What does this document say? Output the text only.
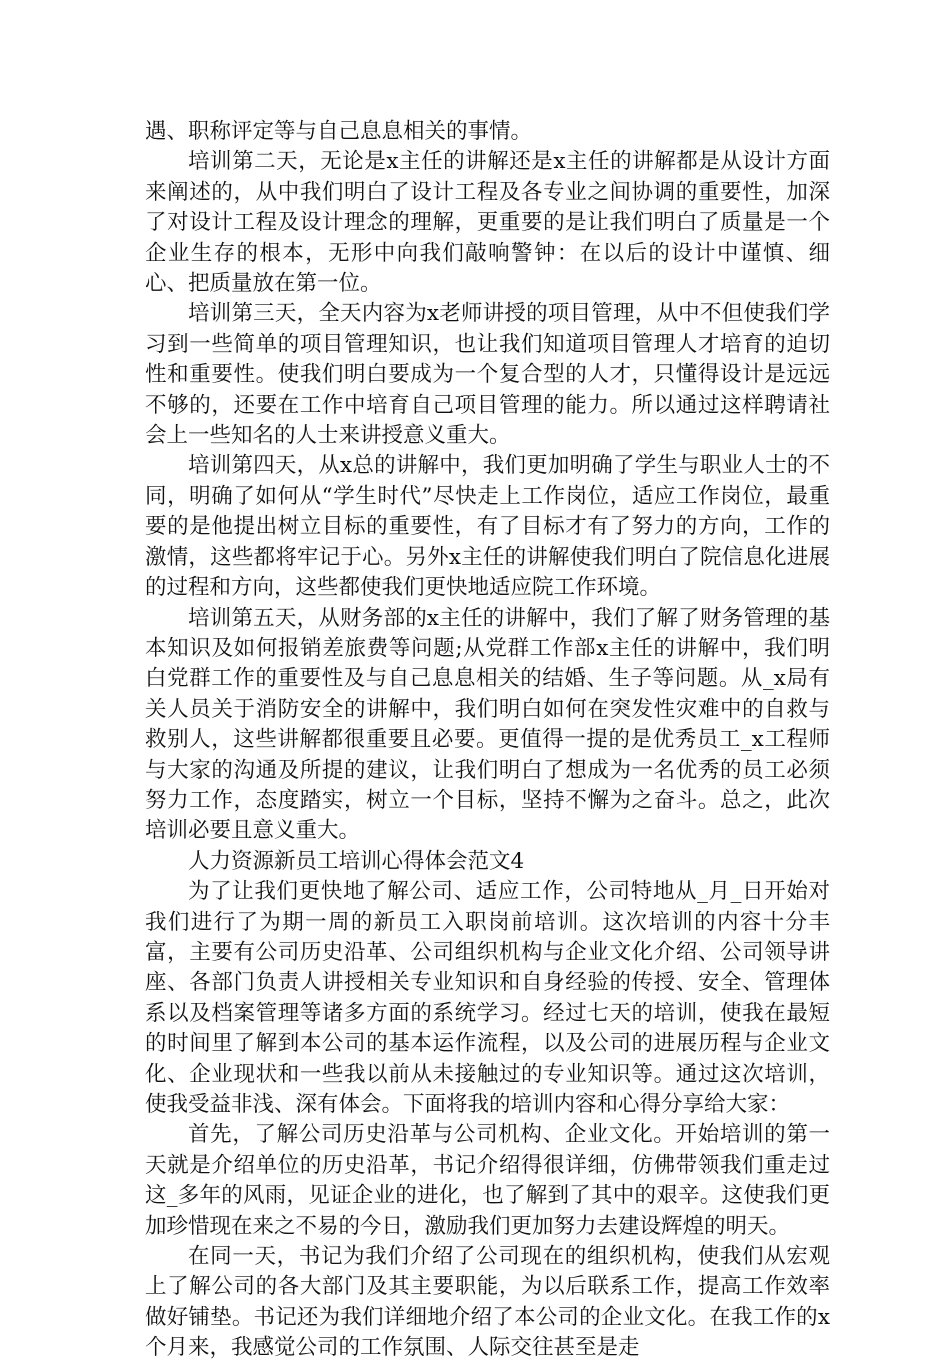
遇、职称评定等与自己息息相关的事情。

培训第二天，无论是x主任的讲解还是x主任的讲解都是从设计方面来阐述的，从中我们明白了设计工程及各专业之间协调的重要性，加深了对设计工程及设计理念的理解，更重要的是让我们明白了质量是一个企业生存的根本，无形中向我们敲响警钟：在以后的设计中谨慎、细心、把质量放在第一位。

培训第三天，全天内容为x老师讲授的项目管理，从中不但使我们学习到一些简单的项目管理知识，也让我们知道项目管理人才培育的迫切性和重要性。使我们明白要成为一个复合型的人才，只懂得设计是远远不够的，还要在工作中培育自己项目管理的能力。所以通过这样聘请社会上一些知名的人士来讲授意义重大。

培训第四天，从x总的讲解中，我们更加明确了学生与职业人士的不同，明确了如何从“学生时代”尽快走上工作岗位，适应工作岗位，最重要的是他提出树立目标的重要性，有了目标才有了努力的方向，工作的激情，这些都将牢记于心。另外x主任的讲解使我们明白了院信息化进展的过程和方向，这些都使我们更快地适应院工作环境。

培训第五天，从财务部的x主任的讲解中，我们了解了财务管理的基本知识及如何报销差旅费等问题;从党群工作部x主任的讲解中，我们明白党群工作的重要性及与自己息息相关的结婚、生子等问题。从_x局有关人员关于消防安全的讲解中，我们明白如何在突发性灾难中的自救与救别人，这些讲解都很重要且必要。更值得一提的是优秀员工_x工程师与大家的沟通及所提的建议，让我们明白了想成为一名优秀的员工必须努力工作，态度踏实，树立一个目标，坚持不懈为之奋斗。总之，此次培训必要且意义重大。

人力资源新员工培训心得体会范文4

为了让我们更快地了解公司、适应工作，公司特地从_月_日开始对我们进行了为期一周的新员工入职岗前培训。这次培训的内容十分丰富，主要有公司历史沿革、公司组织机构与企业文化介绍、公司领导讲座、各部门负责人讲授相关专业知识和自身经验的传授、安全、管理体系以及档案管理等诸多方面的系统学习。经过七天的培训，使我在最短的时间里了解到本公司的基本运作流程，以及公司的进展历程与企业文化、企业现状和一些我以前从未接触过的专业知识等。通过这次培训，使我受益非浅、深有体会。下面将我的培训内容和心得分享给大家：

首先，了解公司历史沿革与公司机构、企业文化。开始培训的第一天就是介绍单位的历史沿革，书记介绍得很详细，仿佛带领我们重走过这_多年的风雨，见证企业的进化，也了解到了其中的艰辛。这使我们更加珍惜现在来之不易的今日，激励我们更加努力去建设辉煌的明天。

在同一天，书记为我们介绍了公司现在的组织机构，使我们从宏观上了解公司的各大部门及其主要职能，为以后联系工作，提高工作效率做好铺垫。书记还为我们详细地介绍了本公司的企业文化。在我工作的x个月来，我感觉公司的工作氛围、人际交往甚至是走
